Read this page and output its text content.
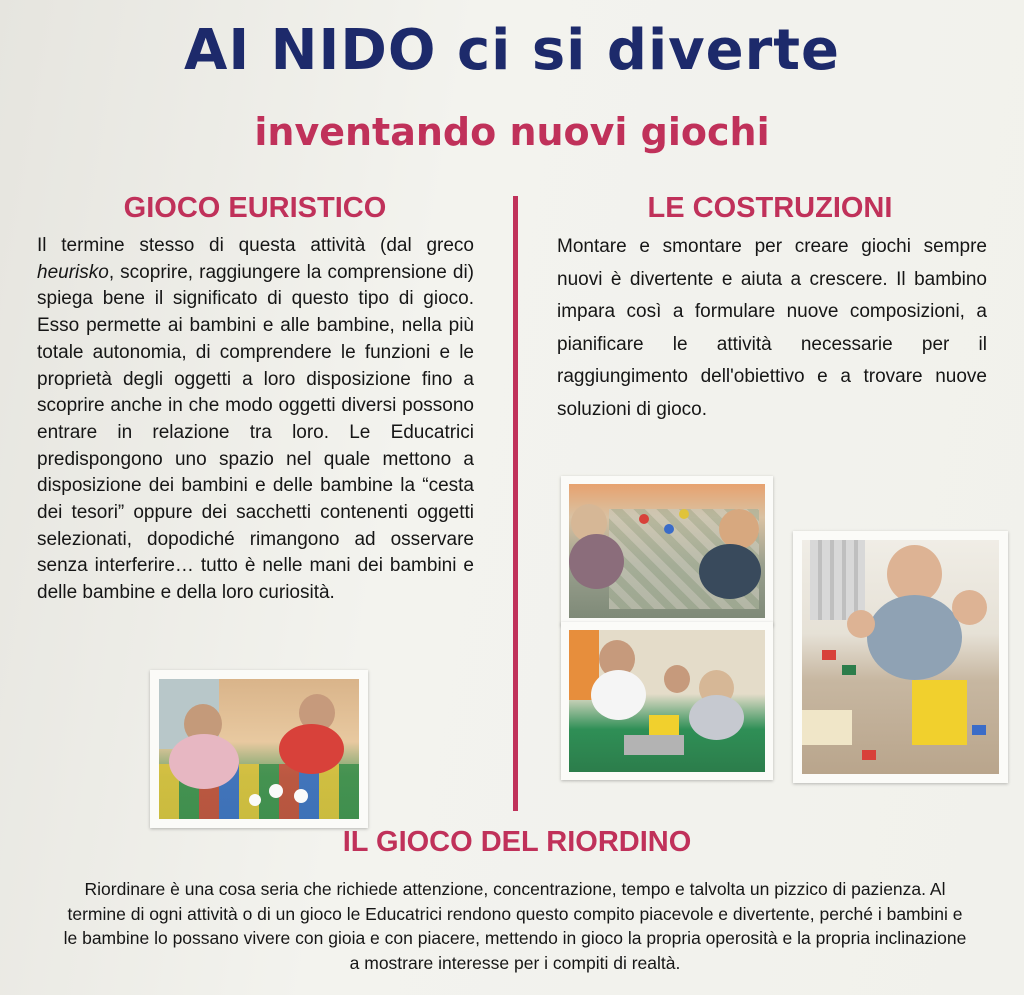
AI NIDO ci si diverte
inventando nuovi giochi
GIOCO EURISTICO	LE COSTRUZIONI
Il termine stesso di questa attività (dal greco heurisko, scoprire, raggiungere la comprensione di) spiega bene il significato di questo tipo di gioco. Esso permette ai bambini e alle bambine, nella più totale autonomia, di comprendere le funzioni e le proprietà degli oggetti a loro disposizione fino a scoprire anche in che modo oggetti diversi possono entrare in relazione tra loro. Le Educatrici predispongono uno spazio nel quale mettono a disposizione dei bambini e delle bambine la “cesta dei tesori” oppure dei sacchetti contenenti oggetti selezionati, dopodiché rimangono ad osservare senza interferire… tutto è nelle mani dei bambini e delle bambine e della loro curiosità.
Montare e smontare per creare giochi sempre nuovi è divertente e aiuta a crescere. Il bambino impara così a formulare nuove composizioni, a pianificare le attività necessarie per il raggiungimento dell'obiettivo e a trovare nuove soluzioni di gioco.
IL GIOCO DEL RIORDINO
Riordinare è una cosa seria che richiede attenzione, concentrazione, tempo e talvolta un pizzico di pazienza. Al termine di ogni attività o di un gioco le Educatrici rendono questo compito piacevole e divertente, perché i bambini e le bambine lo possano vivere con gioia e con piacere, mettendo in gioco la propria operosità e la propria inclinazione a mostrare interesse per i compiti di realtà.
